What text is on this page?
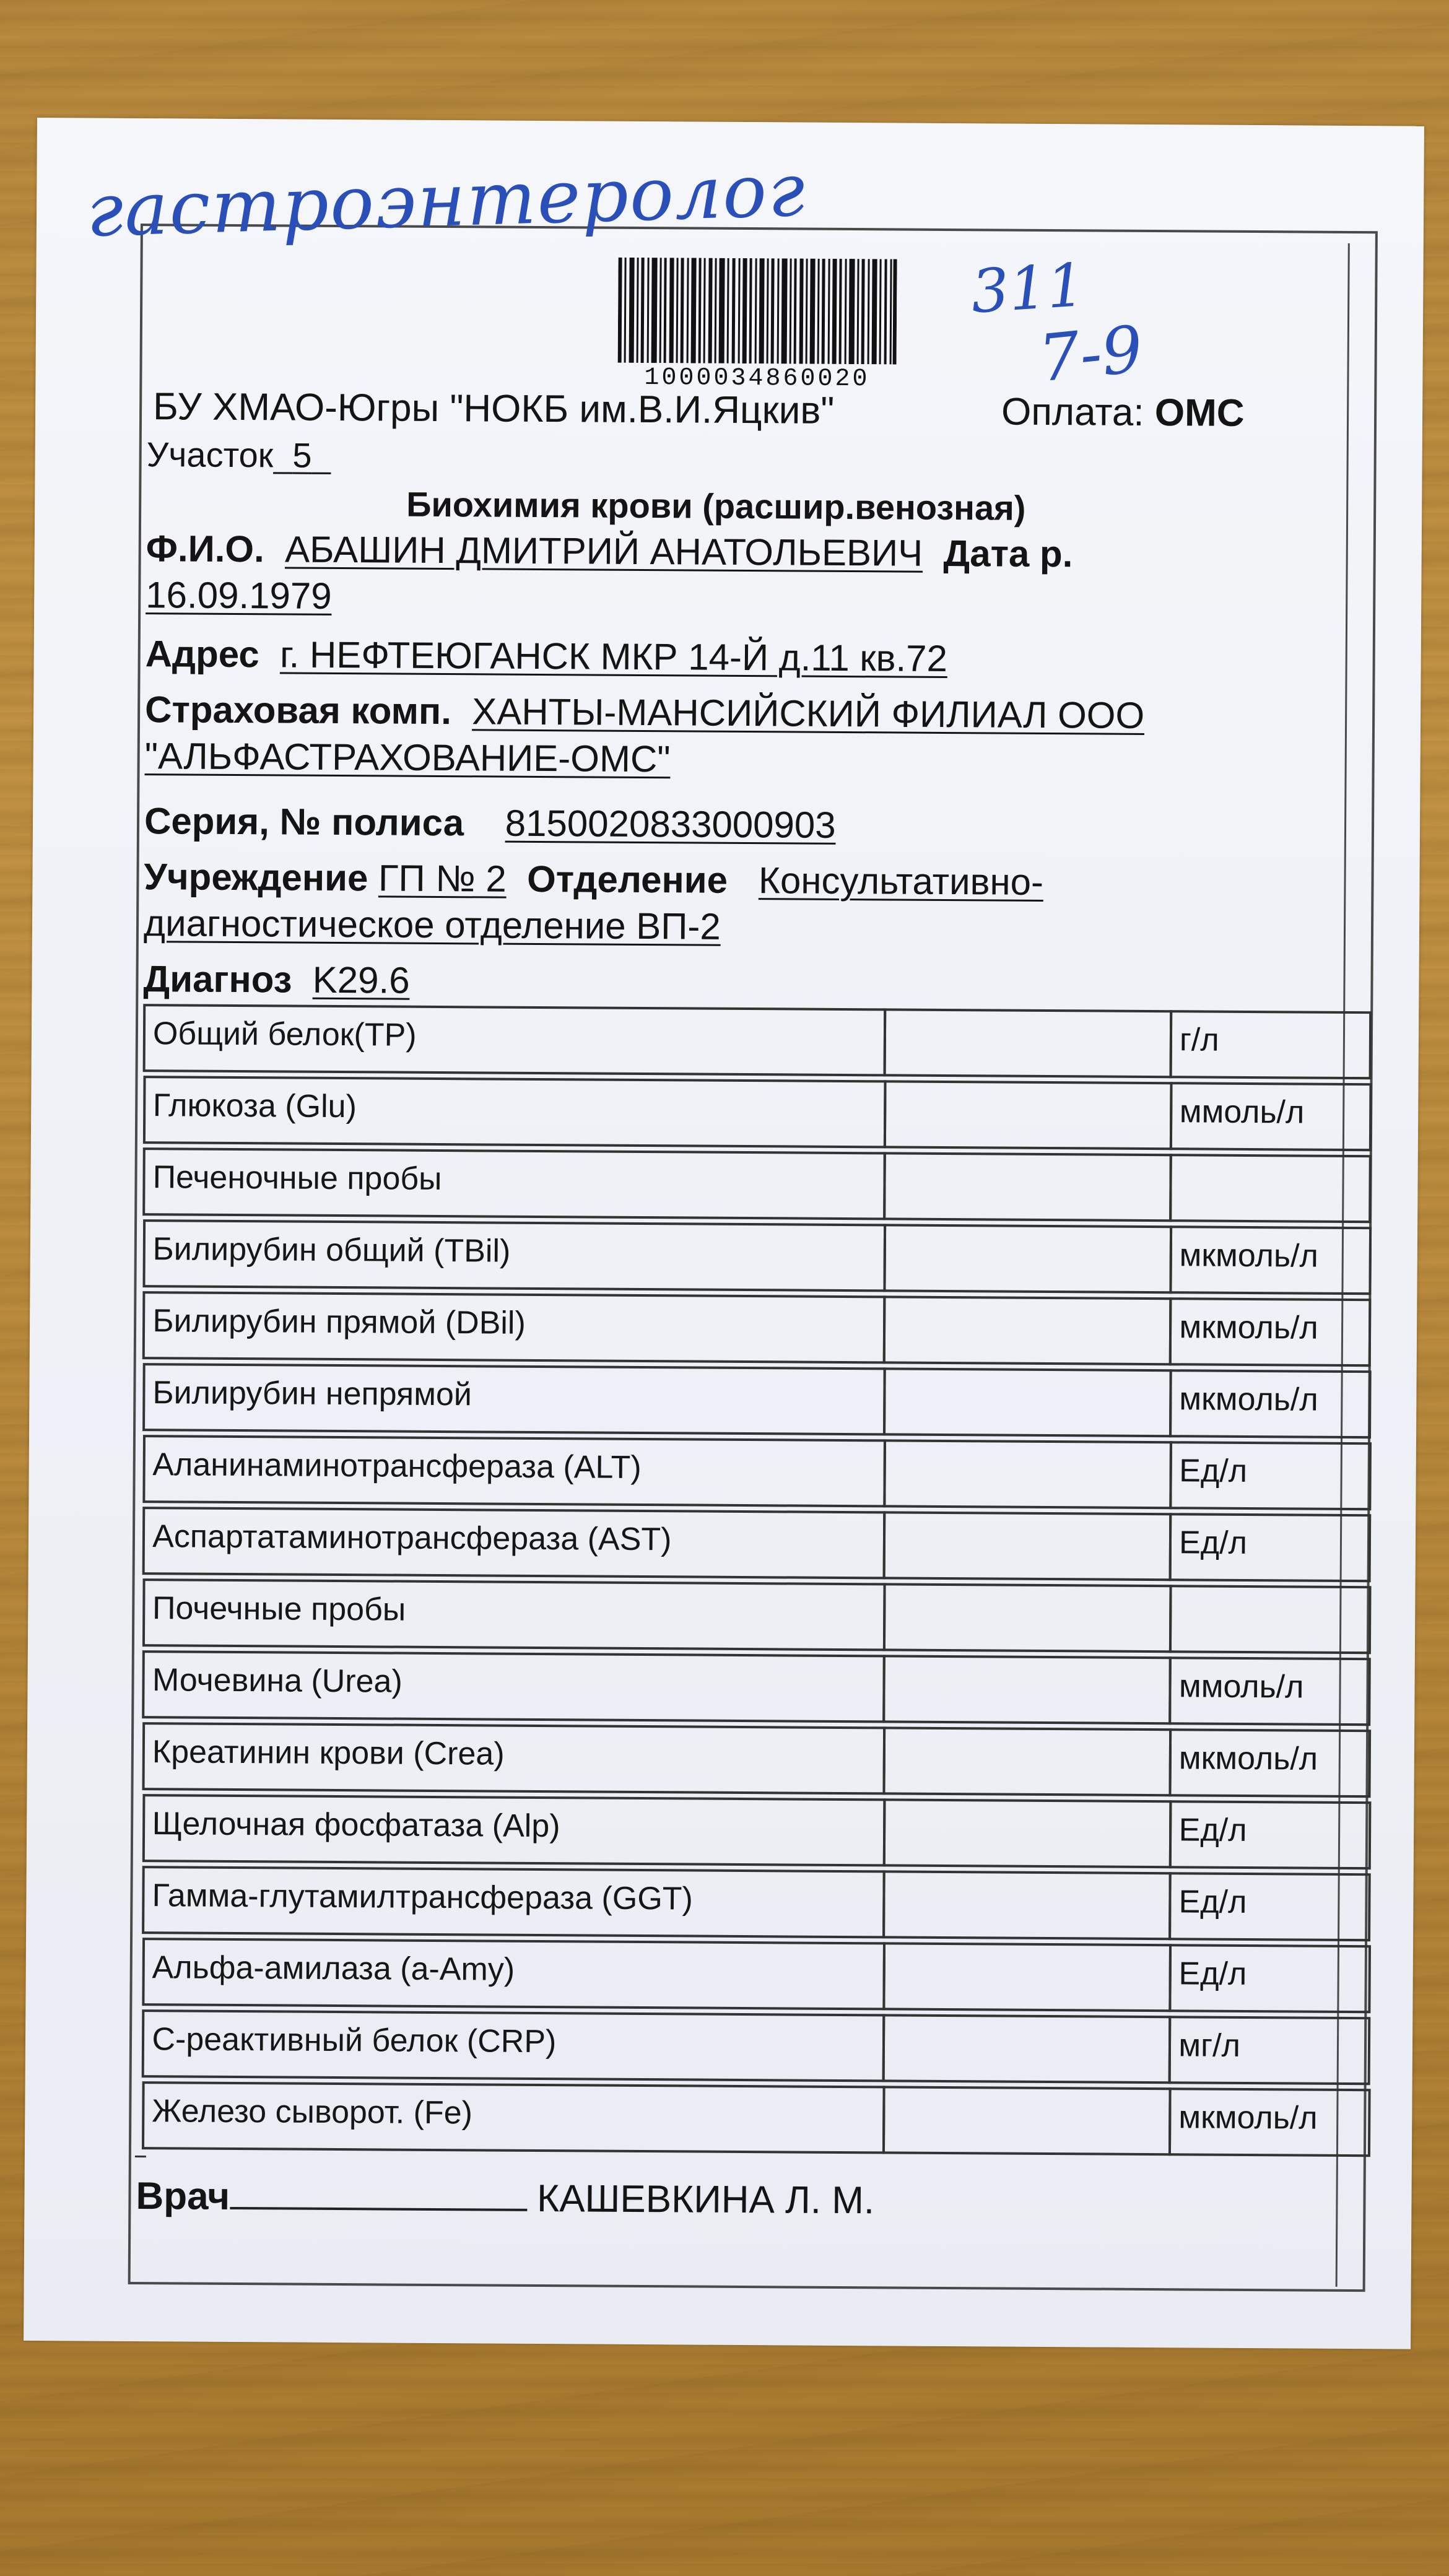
гастроэнтеролог
311
7-9
1000034860020
БУ ХМАО-Югры "НОКБ им.В.И.Яцкив"	Оплата: ОМС
Участок 5
Биохимия крови (расшир.венозная)
Ф.И.О. АБАШИН ДМИТРИЙ АНАТОЛЬЕВИЧ Дата р.
16.09.1979
Адрес г. НЕФТЕЮГАНСК МКР 14-Й д.11 кв.72
Страховая комп. ХАНТЫ-МАНСИЙСКИЙ ФИЛИАЛ ООО
"АЛЬФАСТРАХОВАНИЕ-ОМС"
Серия, № полиса 8150020833000903
Учреждение ГП № 2 Отделение Консультативно-
диагностическое отделение ВП-2
Диагноз K29.6
Общий белок(TP)	г/л
Глюкоза (Glu)	ммоль/л
Печеночные пробы
Билирубин общий (TBil)	мкмоль/л
Билирубин прямой (DBil)	мкмоль/л
Билирубин непрямой	мкмоль/л
Аланинаминотрансфераза (ALT)	Ед/л
Аспартатаминотрансфераза (AST)	Ед/л
Почечные пробы
Мочевина (Urea)	ммоль/л
Креатинин крови (Crea)	мкмоль/л
Щелочная фосфатаза (Alp)	Ед/л
Гамма-глутамилтрансфераза (GGT)	Ед/л
Альфа-амилаза (a-Amy)	Ед/л
С-реактивный белок (CRP)	мг/л
Железо сыворот. (Fe)	мкмоль/л
Врач	КАШЕВКИНА Л. М.
